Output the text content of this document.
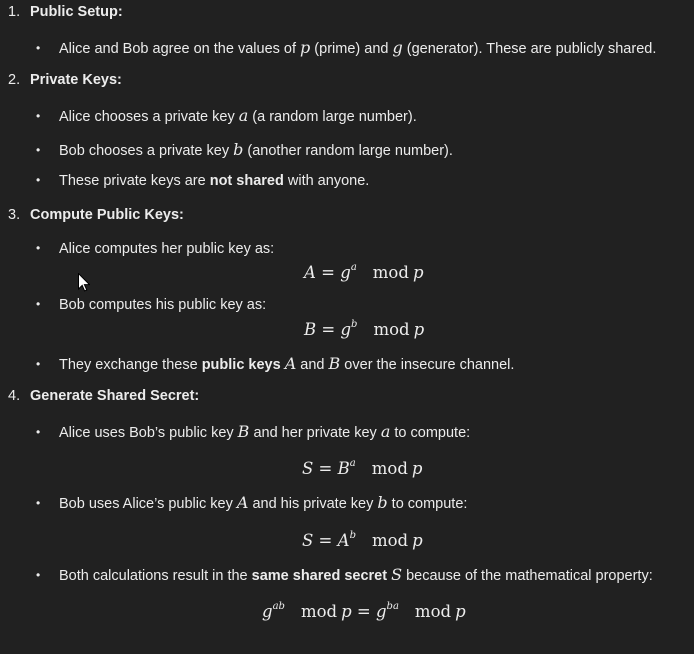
1. Public Setup:
• Alice and Bob agree on the values of p (prime) and g (generator). These are publicly shared.
2. Private Keys:
• Alice chooses a private key a (a random large number).
• Bob chooses a private key b (another random large number).
• These private keys are not shared with anyone.
3. Compute Public Keys:
• Alice computes her public key as:
$A = g^a$ mod p
• Bob computes his public key as:
$B = g^b$ mod p
• They exchange these public keys A and B over the insecure channel.
4. Generate Shared Secret:
• Alice uses Bob’s public key B and her private key a to compute:
$S = B^a$ mod p
• Bob uses Alice’s public key A and his private key b to compute:
$S = A^b$ mod p
• Both calculations result in the same shared secret S because of the mathematical property:
$g^{ab}$ mod $p = g^{ba}$ mod p
